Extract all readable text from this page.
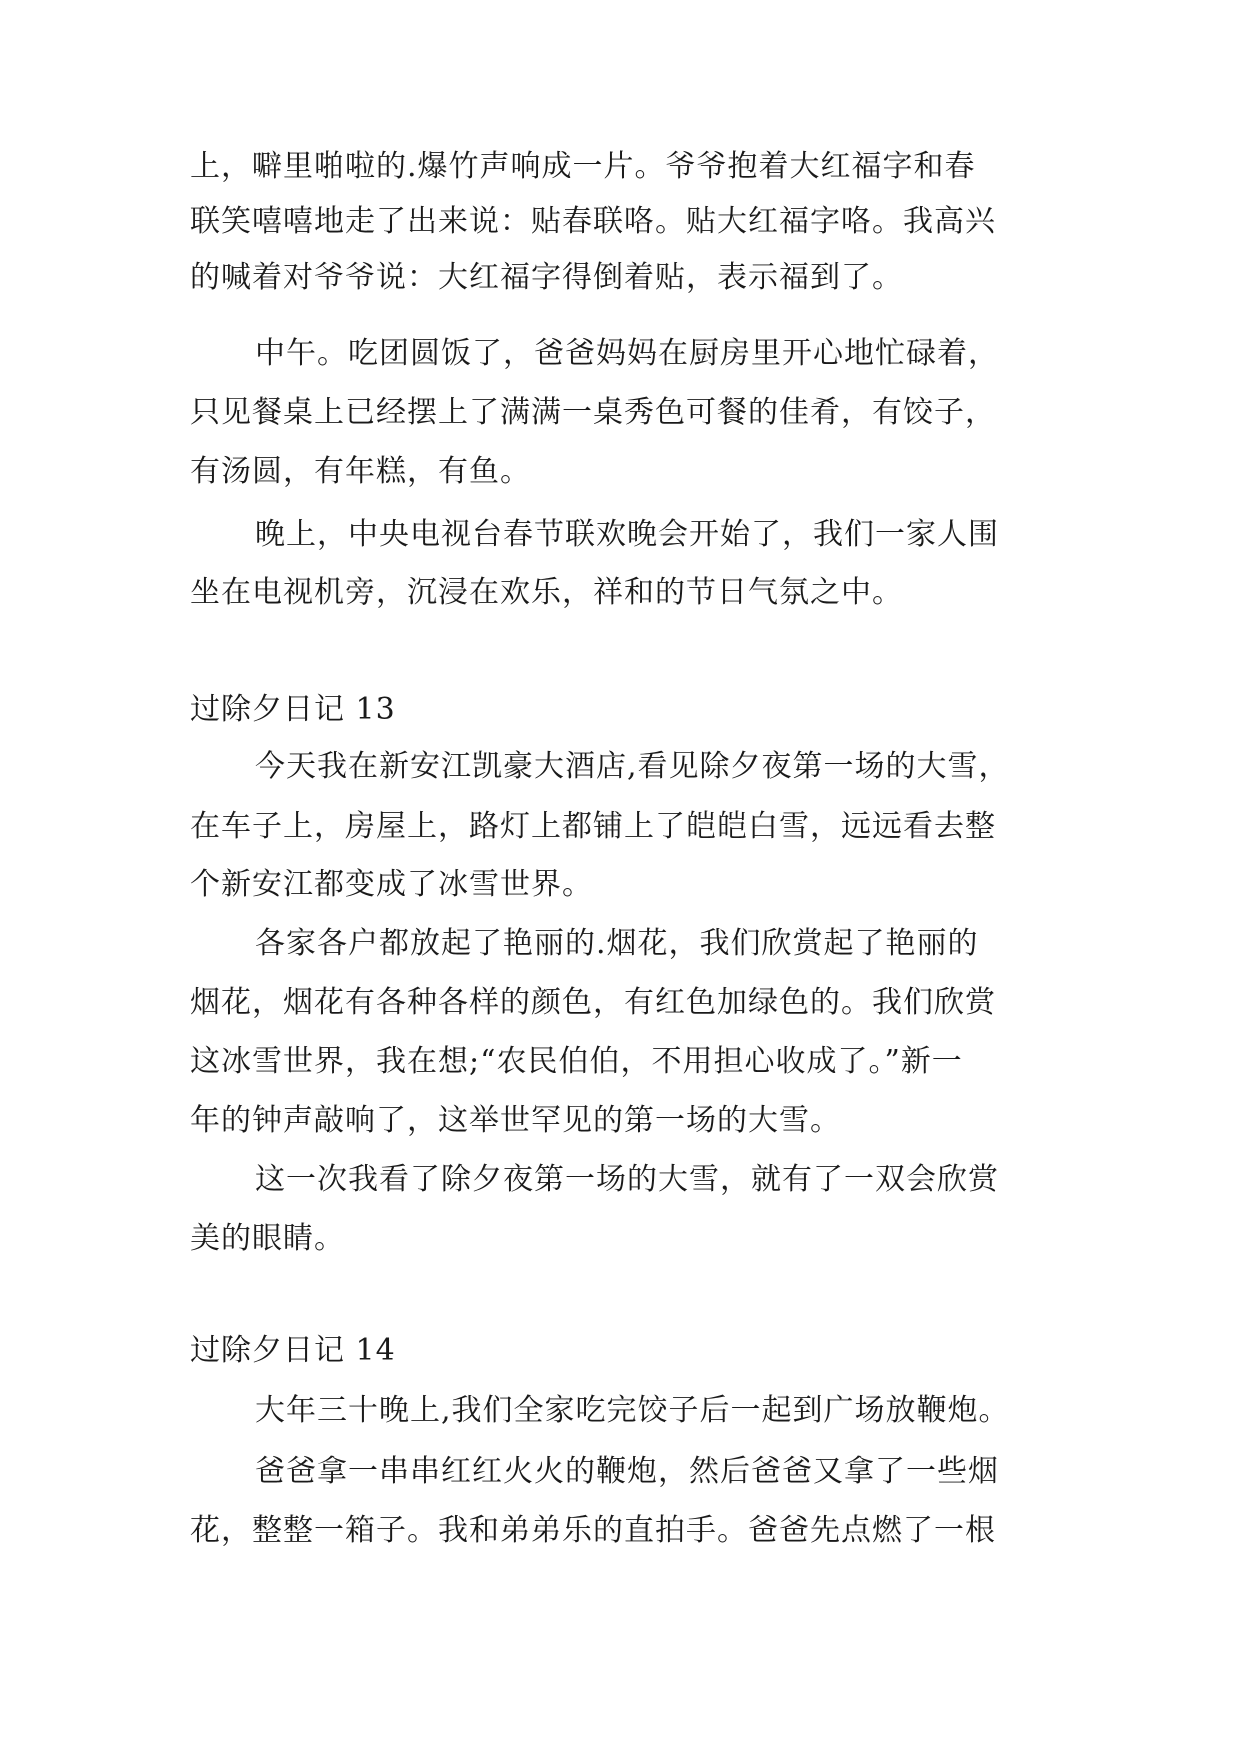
上，噼里啪啦的.爆竹声响成一片。爷爷抱着大红福字和春
联笑嘻嘻地走了出来说：贴春联咯。贴大红福字咯。我高兴
的喊着对爷爷说：大红福字得倒着贴，表示福到了。
中午。吃团圆饭了，爸爸妈妈在厨房里开心地忙碌着，
只见餐桌上已经摆上了满满一桌秀色可餐的佳肴，有饺子，
有汤圆，有年糕，有鱼。
晚上，中央电视台春节联欢晚会开始了，我们一家人围
坐在电视机旁，沉浸在欢乐，祥和的节日气氛之中。
过除夕日记 13
今天我在新安江凯豪大酒店,看见除夕夜第一场的大雪，
在车子上，房屋上，路灯上都铺上了皑皑白雪，远远看去整
个新安江都变成了冰雪世界。
各家各户都放起了艳丽的.烟花，我们欣赏起了艳丽的
烟花，烟花有各种各样的颜色，有红色加绿色的。我们欣赏
这冰雪世界，我在想;“农民伯伯，不用担心收成了。”新一
年的钟声敲响了，这举世罕见的第一场的大雪。
这一次我看了除夕夜第一场的大雪，就有了一双会欣赏
美的眼睛。
过除夕日记 14
大年三十晚上,我们全家吃完饺子后一起到广场放鞭炮。
爸爸拿一串串红红火火的鞭炮，然后爸爸又拿了一些烟
花，整整一箱子。我和弟弟乐的直拍手。爸爸先点燃了一根
